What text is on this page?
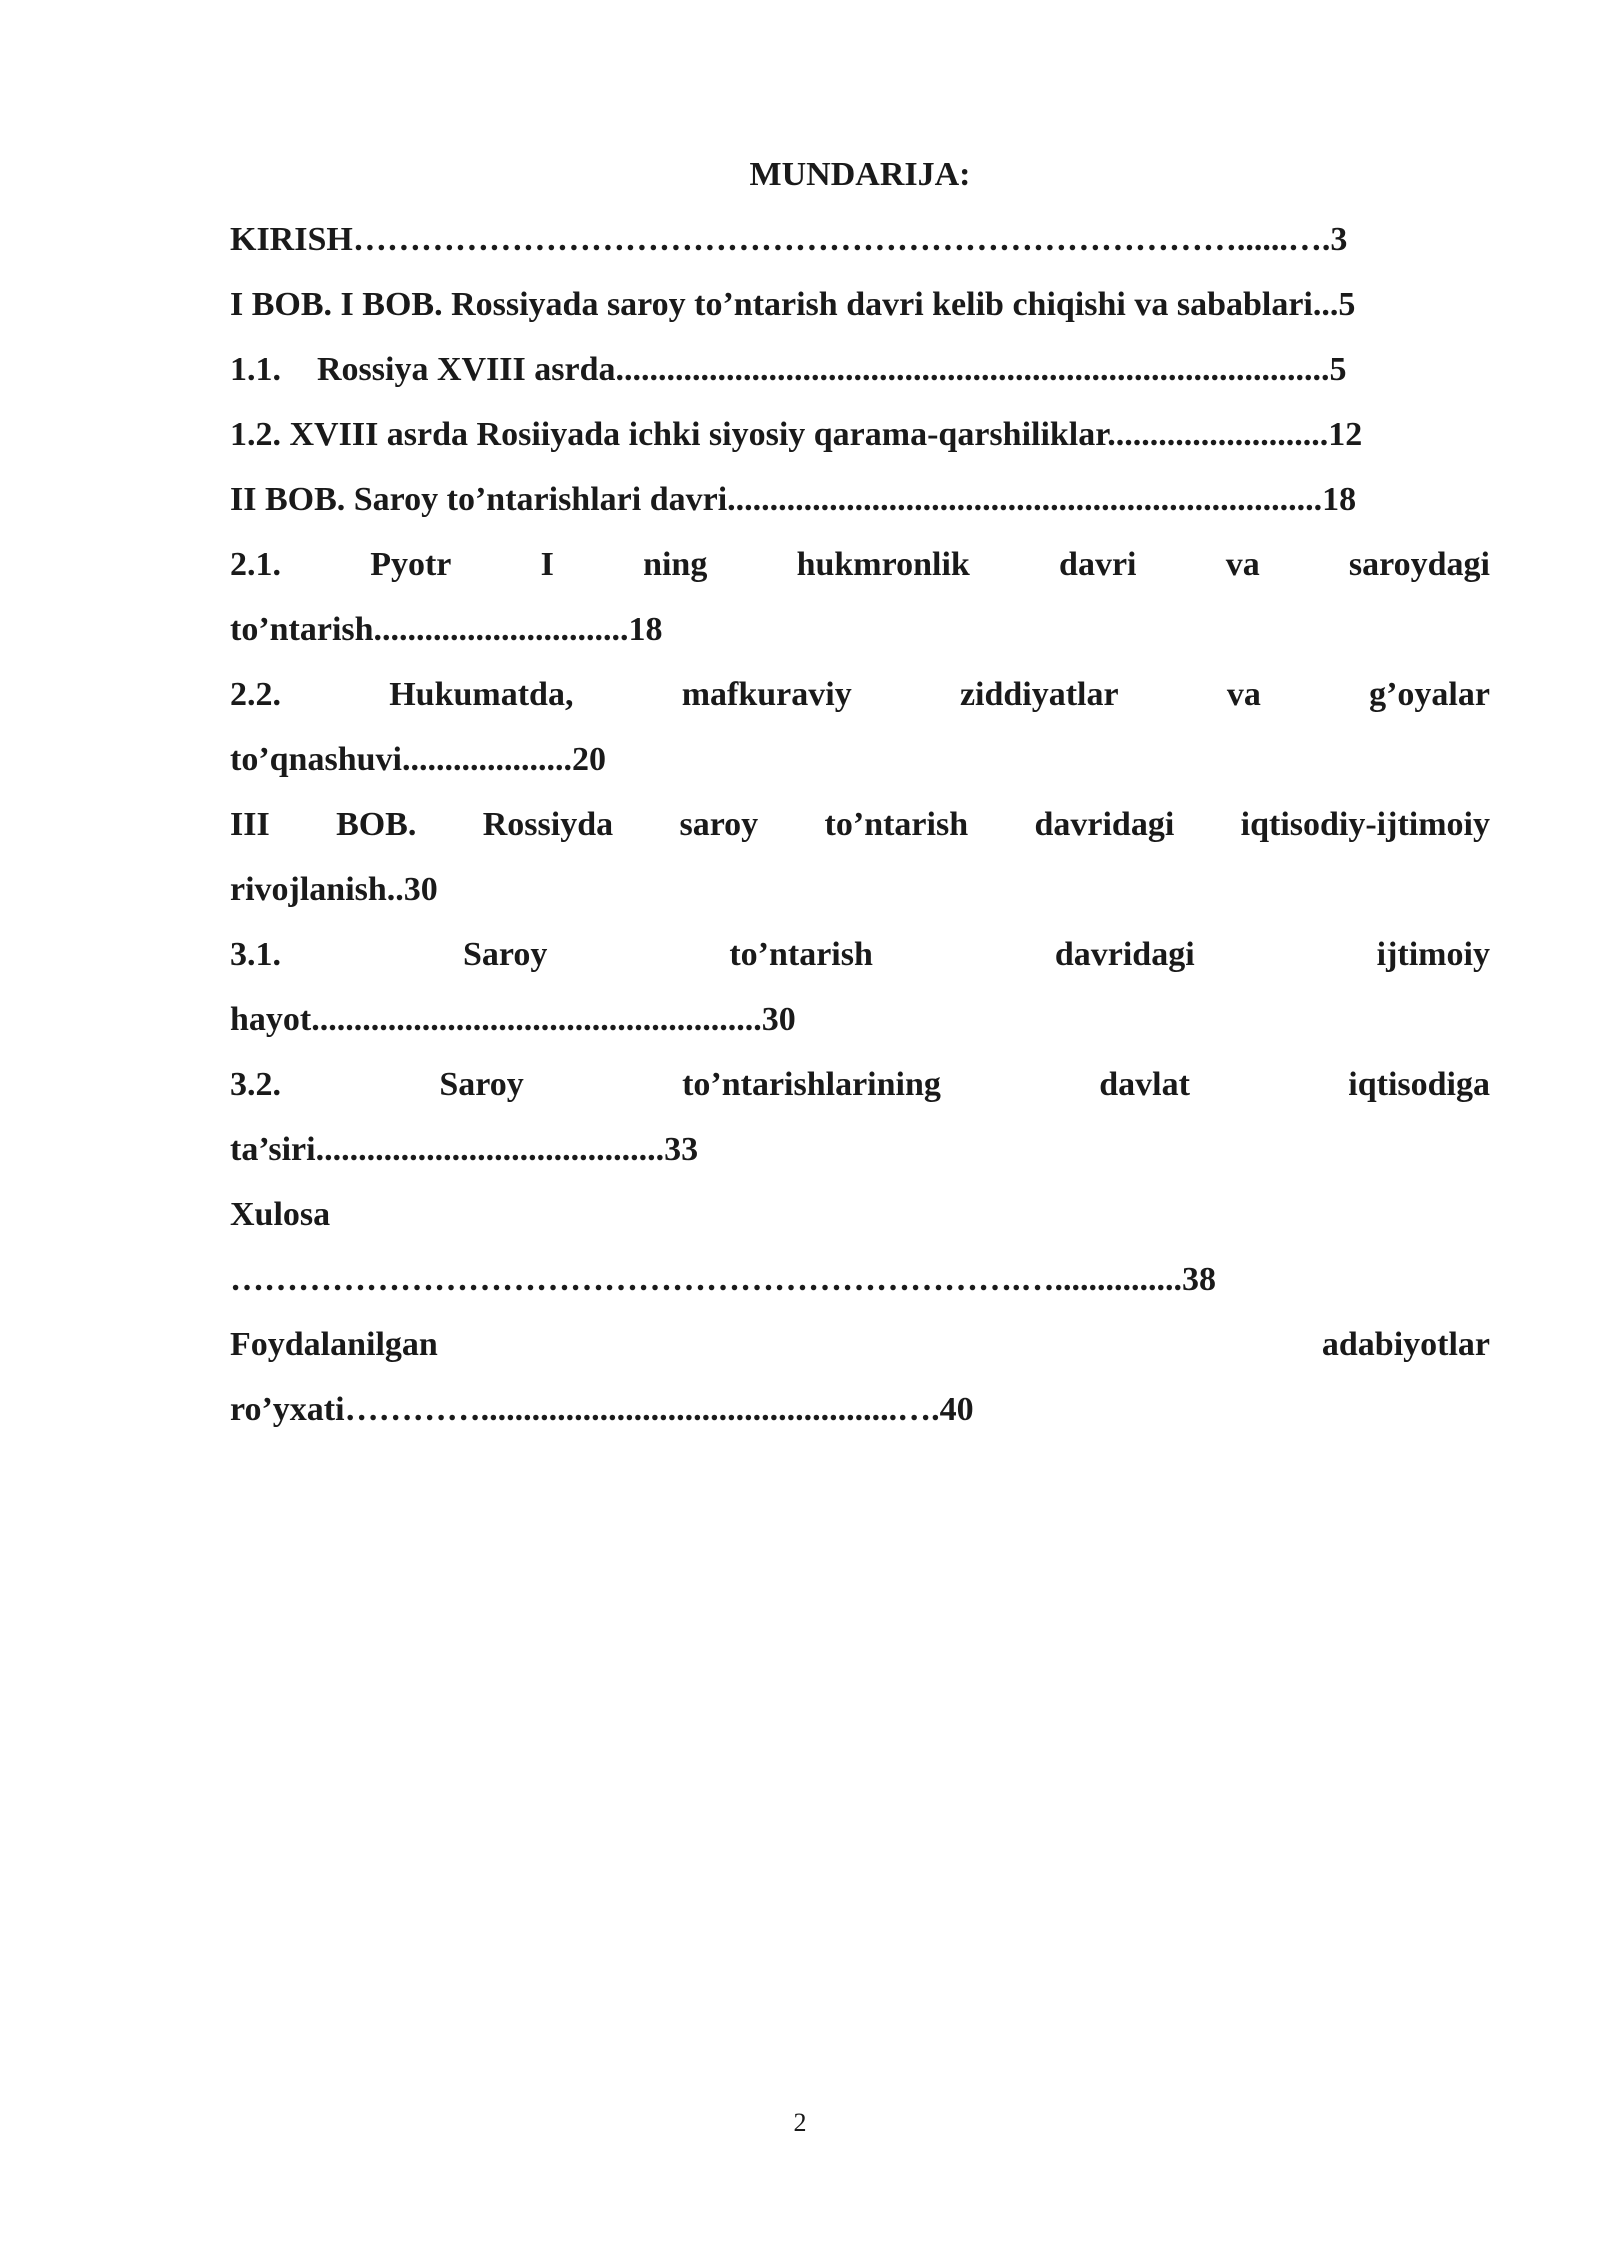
MUNDARIJA:
KIRISH……………………………………………………………………......….3
I BOB. I BOB. Rossiyada saroy to’ntarish davri kelib chiqishi va sabablari...5
1.1. Rossiya XVIII asrda....................................................................................5
1.2. XVIII asrda Rosiiyada ichki siyosiy qarama-qarshiliklar..........................12
II BOB. Saroy to’ntarishlari davri......................................................................18
2.1.	Pyotr	I	ning	hukmronlik	davri	va	saroydagi
to’ntarish..............................18
2.2.	Hukumatda,	mafkuraviy	ziddiyatlar	va	g’oyalar
to’qnashuvi....................20
III BOB. Rossiyda saroy to’ntarish davridagi iqtisodiy-ijtimoiy
rivojlanish..30
3.1.	Saroy	to’ntarish	davridagi	ijtimoiy
hayot.....................................................30
3.2.	Saroy	to’ntarishlarining	davlat	iqtisodiga
ta’siri.........................................33
Xulosa
…………………………………………………………….…...............38
Foydalanilgan	adabiyotlar
ro’yxati………….................................................….40
2
